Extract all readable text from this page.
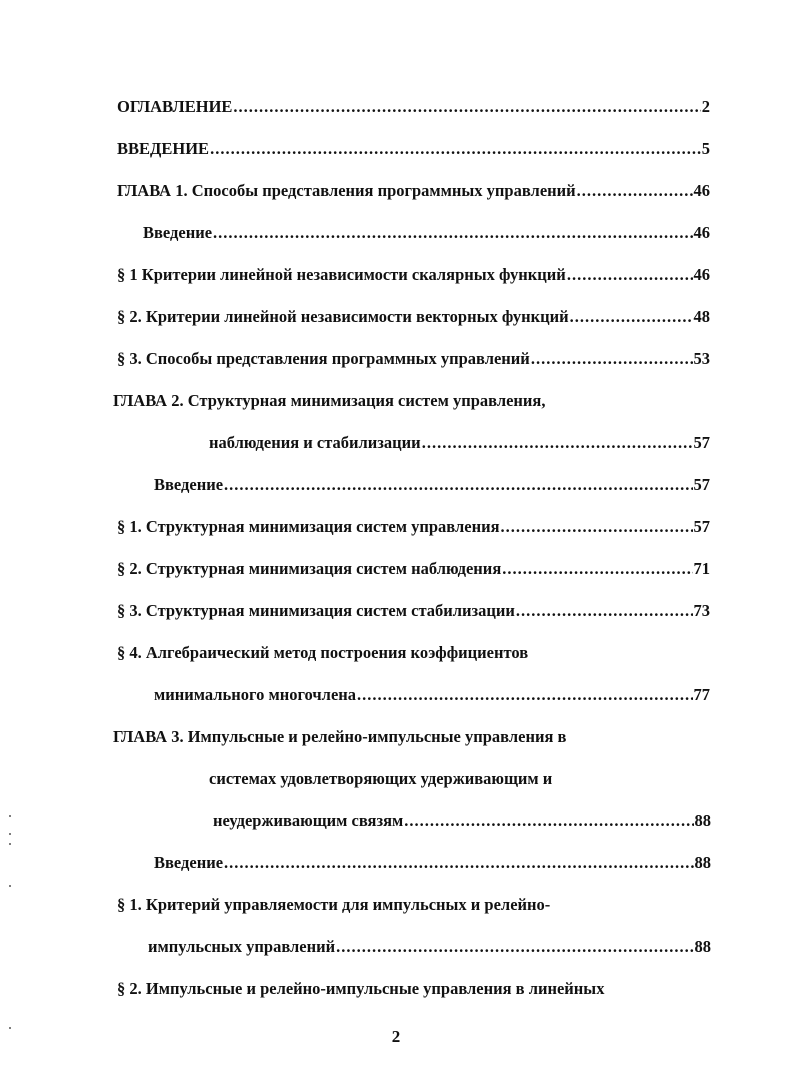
ОГЛАВЛЕНИЕ .....	2
ВВЕДЕНИЕ .....	5
ГЛАВА 1. Способы представления программных управлений .....	46
Введение .....	46
§ 1 Критерии линейной независимости скалярных функций .....	46
§ 2. Критерии линейной независимости векторных функций .....	48
§ 3. Способы представления программных управлений .....	53
ГЛАВА 2. Структурная минимизация систем управления,
наблюдения и стабилизации .....	57
Введение .....	57
§ 1. Структурная минимизация систем управления .....	57
§ 2. Структурная минимизация систем наблюдения .....	71
§ 3. Структурная минимизация систем стабилизации .....	73
§ 4. Алгебраический метод построения коэффициентов
минимального многочлена .....	77
ГЛАВА 3. Импульсные и релейно-импульсные управления в
системах удовлетворяющих удерживающим и
неудерживающим связям .....	88
Введение .....	88
§ 1. Критерий управляемости для импульсных и релейно-
импульсных управлений .....	88
§ 2. Импульсные и релейно-импульсные управления в линейных
2
